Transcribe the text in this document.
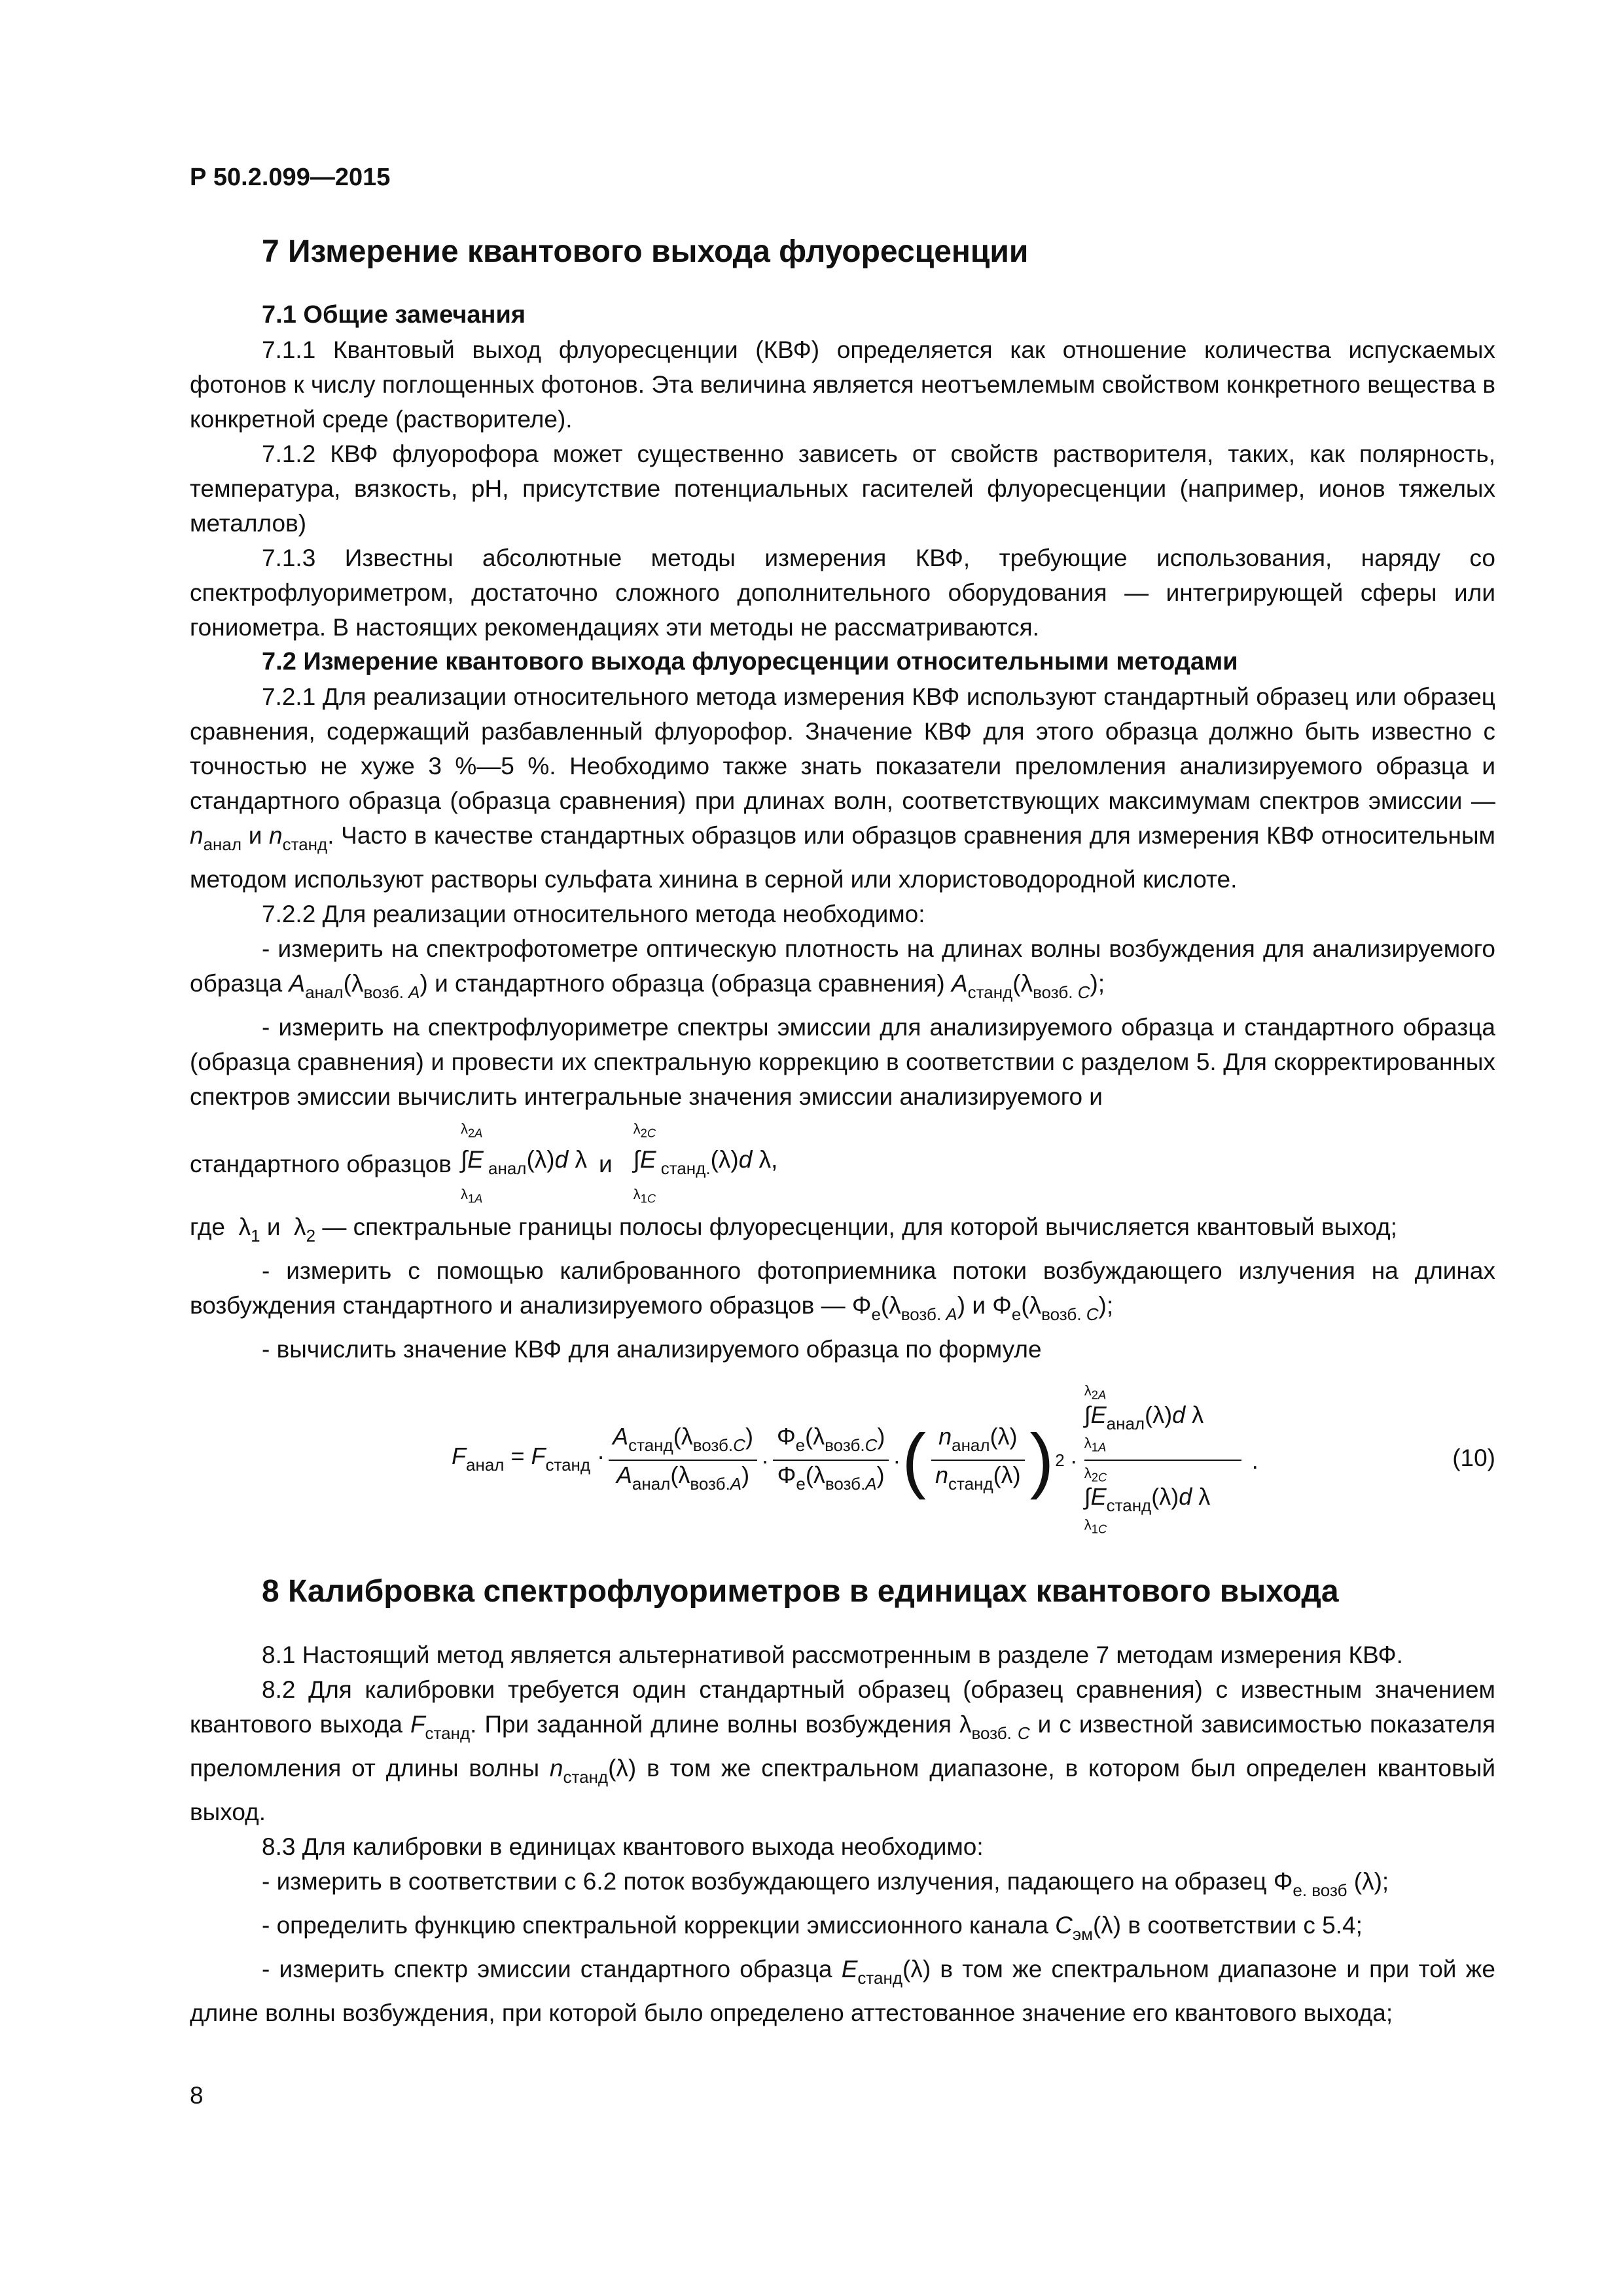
Р 50.2.099—2015
7 Измерение квантового выхода флуоресценции
7.1 Общие замечания

7.1.1 Квантовый выход флуоресценции (КВФ) определяется как отношение количества испускаемых фотонов к числу поглощенных фотонов. Эта величина является неотъемлемым свойством конкретного вещества в конкретной среде (растворителе).

7.1.2 КВФ флуорофора может существенно зависеть от свойств растворителя, таких, как полярность, температура, вязкость, pH, присутствие потенциальных гасителей флуоресценции (например, ионов тяжелых металлов)

7.1.3 Известны абсолютные методы измерения КВФ, требующие использования, наряду со спектрофлуориметром, достаточно сложного дополнительного оборудования — интегрирующей сферы или гониометра. В настоящих рекомендациях эти методы не рассматриваются.

7.2 Измерение квантового выхода флуоресценции относительными методами

7.2.1 Для реализации относительного метода измерения КВФ используют стандартный образец или образец сравнения, содержащий разбавленный флуорофор. Значение КВФ для этого образца должно быть известно с точностью не хуже 3 %—5 %. Необходимо также знать показатели преломления анализируемого образца и стандартного образца (образца сравнения) при длинах волн, соответствующих максимумам спектров эмиссии — $n_{анал}$ и $n_{станд}$. Часто в качестве стандартных образцов или образцов сравнения для измерения КВФ относительным методом используют растворы сульфата хинина в серной или хлористоводородной кислоте.

7.2.2 Для реализации относительного метода необходимо:

- измерить на спектрофотометре оптическую плотность на длинах волны возбуждения для анализируемого образца $A_{анал}(\lambda_{возб. A})$ и стандартного образца (образца сравнения) $A_{станд}(\lambda_{возб. C})$;

- измерить на спектрофлуориметре спектры эмиссии для анализируемого образца и стандартного образца (образца сравнения) и провести их спектральную коррекцию в соответствии с разделом 5. Для скорректированных спектров эмиссии вычислить интегральные значения эмиссии анализируемого и

стандартного образцов
$\lambda_{2A}$
∫E $_{анал}$(λ)d λ
$\lambda_{1A}$
и
$\lambda_{2C}$
∫E $_{станд.}$(λ)d λ,
$\lambda_{1C}$

где  $\lambda_1$ и  $\lambda_2$ — спектральные границы полосы флуоресценции, для которой вычисляется квантовый выход;

- измерить с помощью калиброванного фотоприемника потоки возбуждающего излучения на длинах возбуждения стандартного и анализируемого образцов — $\Phi_e(\lambda_{возб. A})$ и $\Phi_e(\lambda_{возб. C})$;

- вычислить значение КВФ для анализируемого образца по формуле

$F_{анал} = F_{станд} \cdot \frac{A_{станд}(\lambda_{возб.C})}{A_{анал}(\lambda_{возб.A})} \cdot \frac{\Phi_e(\lambda_{возб.C})}{\Phi_e(\lambda_{возб.A})}$ · ( $\frac{n_{анал}(\lambda)}{n_{станд}(\lambda)}$ ) 2 ·
$\lambda_{2A}$
$\int E_{анал}(\lambda)d$ λ
$\lambda_{1A}$
$\lambda_{2C}$
$\int E_{станд}(\lambda)d$ λ
$\lambda_{1C}$
.	(10)
8 Калибровка спектрофлуориметров в единицах квантового выхода

8.1 Настоящий метод является альтернативой рассмотренным в разделе 7 методам измерения КВФ.

8.2 Для калибровки требуется один стандартный образец (образец сравнения) с известным значением квантового выхода $F_{станд}$. При заданной длине волны возбуждения $\lambda_{возб. C}$ и с известной зависимостью показателя преломления от длины волны $n_{станд}(\lambda)$ в том же спектральном диапазоне, в котором был определен квантовый выход.

8.3 Для калибровки в единицах квантового выхода необходимо:

- измерить в соответствии с 6.2 поток возбуждающего излучения, падающего на образец $\Phi_{е. возб}$ (λ);

- определить функцию спектральной коррекции эмиссионного канала $C_{эм}(\lambda)$ в соответствии с 5.4;

- измерить спектр эмиссии стандартного образца $E_{станд}(\lambda)$ в том же спектральном диапазоне и при той же длине волны возбуждения, при которой было определено аттестованное значение его квантового выхода;

8
